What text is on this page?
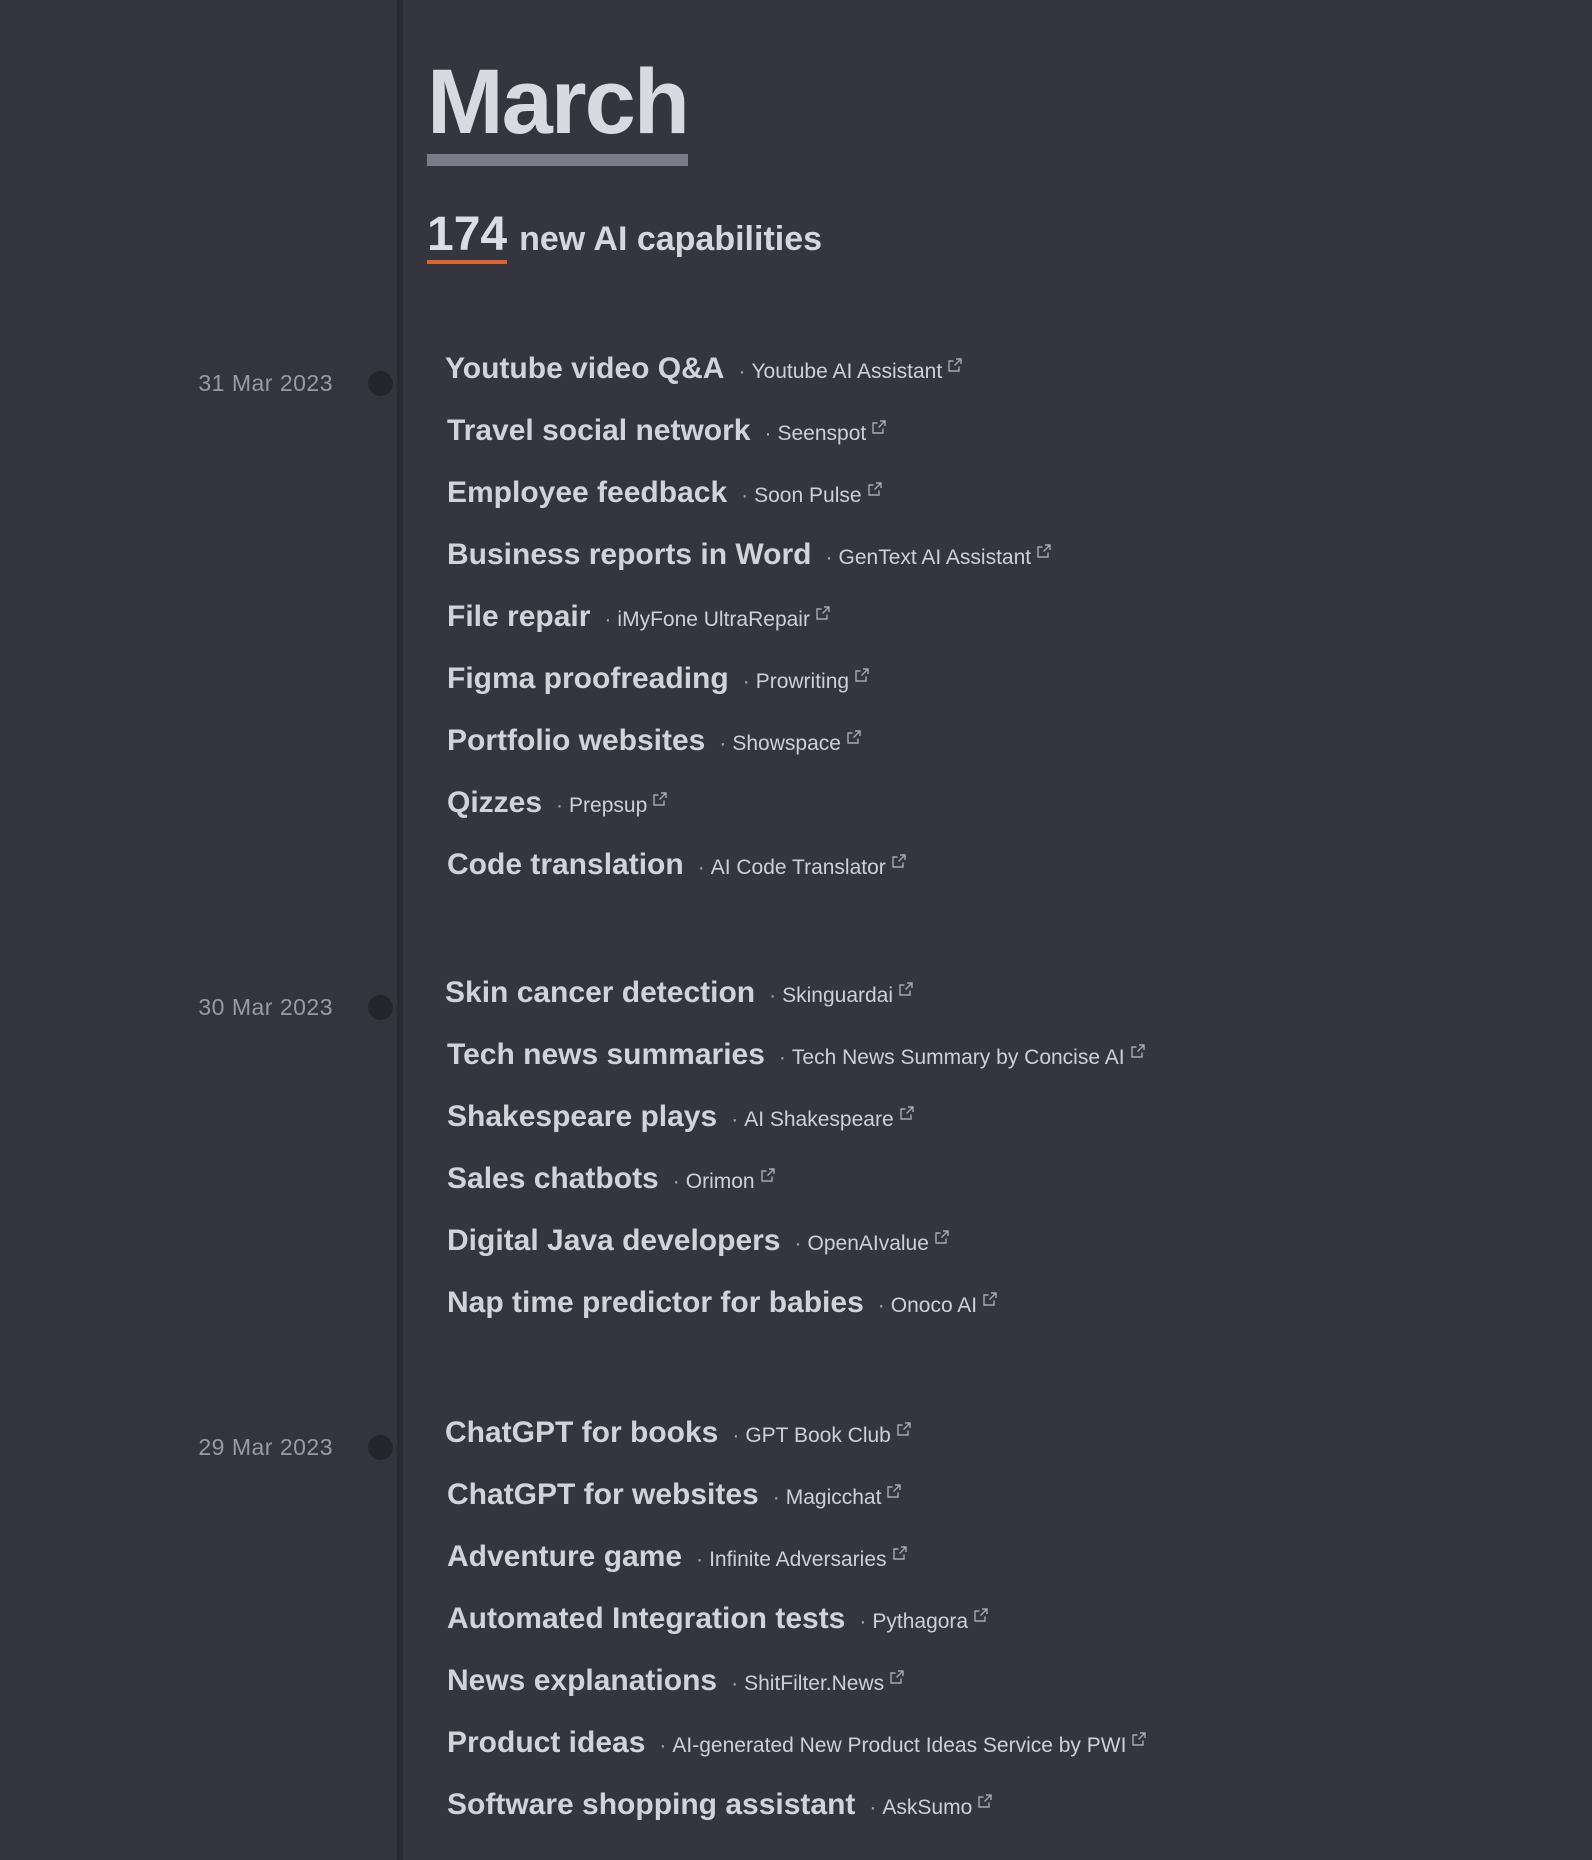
March
174 new AI capabilities
31 Mar 2023	Youtube video Q&A · Youtube AI Assistant
Travel social network · Seenspot
Employee feedback · Soon Pulse
Business reports in Word · GenText AI Assistant
File repair · iMyFone UltraRepair
Figma proofreading · Prowriting
Portfolio websites · Showspace
Qizzes · Prepsup
Code translation · AI Code Translator
30 Mar 2023	Skin cancer detection · Skinguardai
Tech news summaries · Tech News Summary by Concise AI
Shakespeare plays · AI Shakespeare
Sales chatbots · Orimon
Digital Java developers · OpenAIvalue
Nap time predictor for babies · Onoco AI
29 Mar 2023	ChatGPT for books · GPT Book Club
ChatGPT for websites · Magicchat
Adventure game · Infinite Adversaries
Automated Integration tests · Pythagora
News explanations · ShitFilter.News
Product ideas · AI-generated New Product Ideas Service by PWI
Software shopping assistant · AskSumo
